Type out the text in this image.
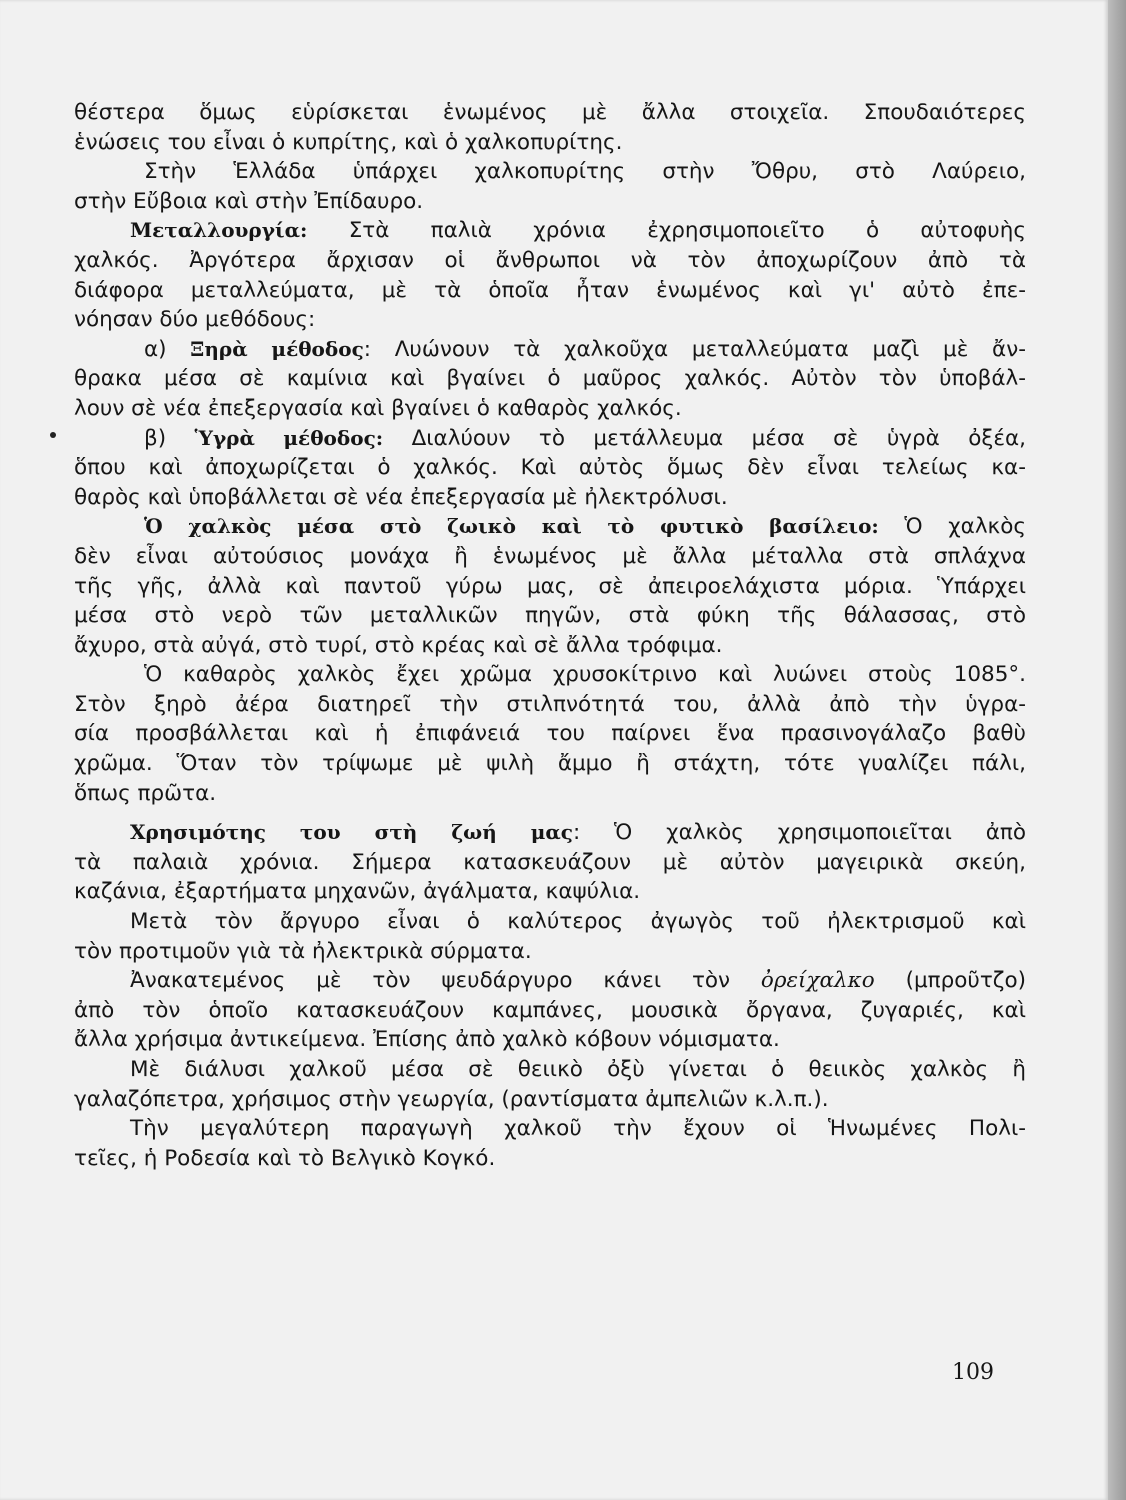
θέστερα ὅμως εὑρίσκεται ἑνωμένος μὲ ἄλλα στοιχεῖα. Σπουδαιότερες

ἑνώσεις του εἶναι ὁ κυπρίτης, καὶ ὁ χαλκοπυρίτης.

Στὴν Ἑλλάδα ὑπάρχει χαλκοπυρίτης στὴν Ὄθρυ, στὸ Λαύρειο,

στὴν Εὔβοια καὶ στὴν Ἐπίδαυρο.

Μεταλλουργία: Στὰ παλιὰ χρόνια ἐχρησιμοποιεῖτο ὁ αὐτοφυὴς

χαλκός. Ἀργότερα ἄρχισαν οἱ ἄνθρωποι νὰ τὸν ἀποχωρίζουν ἀπὸ τὰ

διάφορα μεταλλεύματα, μὲ τὰ ὁποῖα ἦταν ἑνωμένος καὶ γι' αὐτὸ ἐπε-

νόησαν δύο μεθόδους:

α) Ξηρὰ μέθοδος: Λυώνουν τὰ χαλκοῦχα μεταλλεύματα μαζὶ μὲ ἄν-

θρακα μέσα σὲ καμίνια καὶ βγαίνει ὁ μαῦρος χαλκός. Αὐτὸν τὸν ὑποβάλ-

λουν σὲ νέα ἐπεξεργασία καὶ βγαίνει ὁ καθαρὸς χαλκός.

β) Ὑγρὰ μέθοδος: Διαλύουν τὸ μετάλλευμα μέσα σὲ ὑγρὰ ὀξέα,

ὅπου καὶ ἀποχωρίζεται ὁ χαλκός. Καὶ αὐτὸς ὅμως δὲν εἶναι τελείως κα-

θαρὸς καὶ ὑποβάλλεται σὲ νέα ἐπεξεργασία μὲ ἠλεκτρόλυσι.

Ὁ χαλκὸς μέσα στὸ ζωικὸ καὶ τὸ φυτικὸ βασίλειο: Ὁ χαλκὸς

δὲν εἶναι αὐτούσιος μονάχα ἢ ἑνωμένος μὲ ἄλλα μέταλλα στὰ σπλάχνα

τῆς γῆς, ἀλλὰ καὶ παντοῦ γύρω μας, σὲ ἀπειροελάχιστα μόρια. Ὑπάρχει

μέσα στὸ νερὸ τῶν μεταλλικῶν πηγῶν, στὰ φύκη τῆς θάλασσας, στὸ

ἄχυρο, στὰ αὐγά, στὸ τυρί, στὸ κρέας καὶ σὲ ἄλλα τρόφιμα.

Ὁ καθαρὸς χαλκὸς ἔχει χρῶμα χρυσοκίτρινο καὶ λυώνει στοὺς 1085°.

Στὸν ξηρὸ ἀέρα διατηρεῖ τὴν στιλπνότητά του, ἀλλὰ ἀπὸ τὴν ὑγρα-

σία προσβάλλεται καὶ ἡ ἐπιφάνειά του παίρνει ἕνα πρασινογάλαζο βαθὺ

χρῶμα. Ὅταν τὸν τρίψωμε μὲ ψιλὴ ἄμμο ἢ στάχτη, τότε γυαλίζει πάλι,

ὅπως πρῶτα.

Χρησιμότης του στὴ ζωή μας: Ὁ χαλκὸς χρησιμοποιεῖται ἀπὸ

τὰ παλαιὰ χρόνια. Σήμερα κατασκευάζουν μὲ αὐτὸν μαγειρικὰ σκεύη,

καζάνια, ἐξαρτήματα μηχανῶν, ἀγάλματα, καψύλια.

Μετὰ τὸν ἄργυρο εἶναι ὁ καλύτερος ἀγωγὸς τοῦ ἠλεκτρισμοῦ καὶ

τὸν προτιμοῦν γιὰ τὰ ἠλεκτρικὰ σύρματα.

Ἀνακατεμένος μὲ τὸν ψευδάργυρο κάνει τὸν ὀρείχαλκο (μπροῦτζο)

ἀπὸ τὸν ὁποῖο κατασκευάζουν καμπάνες, μουσικὰ ὄργανα, ζυγαριές, καὶ

ἄλλα χρήσιμα ἀντικείμενα. Ἐπίσης ἀπὸ χαλκὸ κόβουν νόμισματα.

Μὲ διάλυσι χαλκοῦ μέσα σὲ θειικὸ ὀξὺ γίνεται ὁ θειικὸς χαλκὸς ἢ

γαλαζόπετρα, χρήσιμος στὴν γεωργία, (ραντίσματα ἀμπελιῶν κ.λ.π.).

Τὴν μεγαλύτερη παραγωγὴ χαλκοῦ τὴν ἔχουν οἱ Ἡνωμένες Πολι-

τεῖες, ἡ Ροδεσία καὶ τὸ Βελγικὸ Κογκό.

109
